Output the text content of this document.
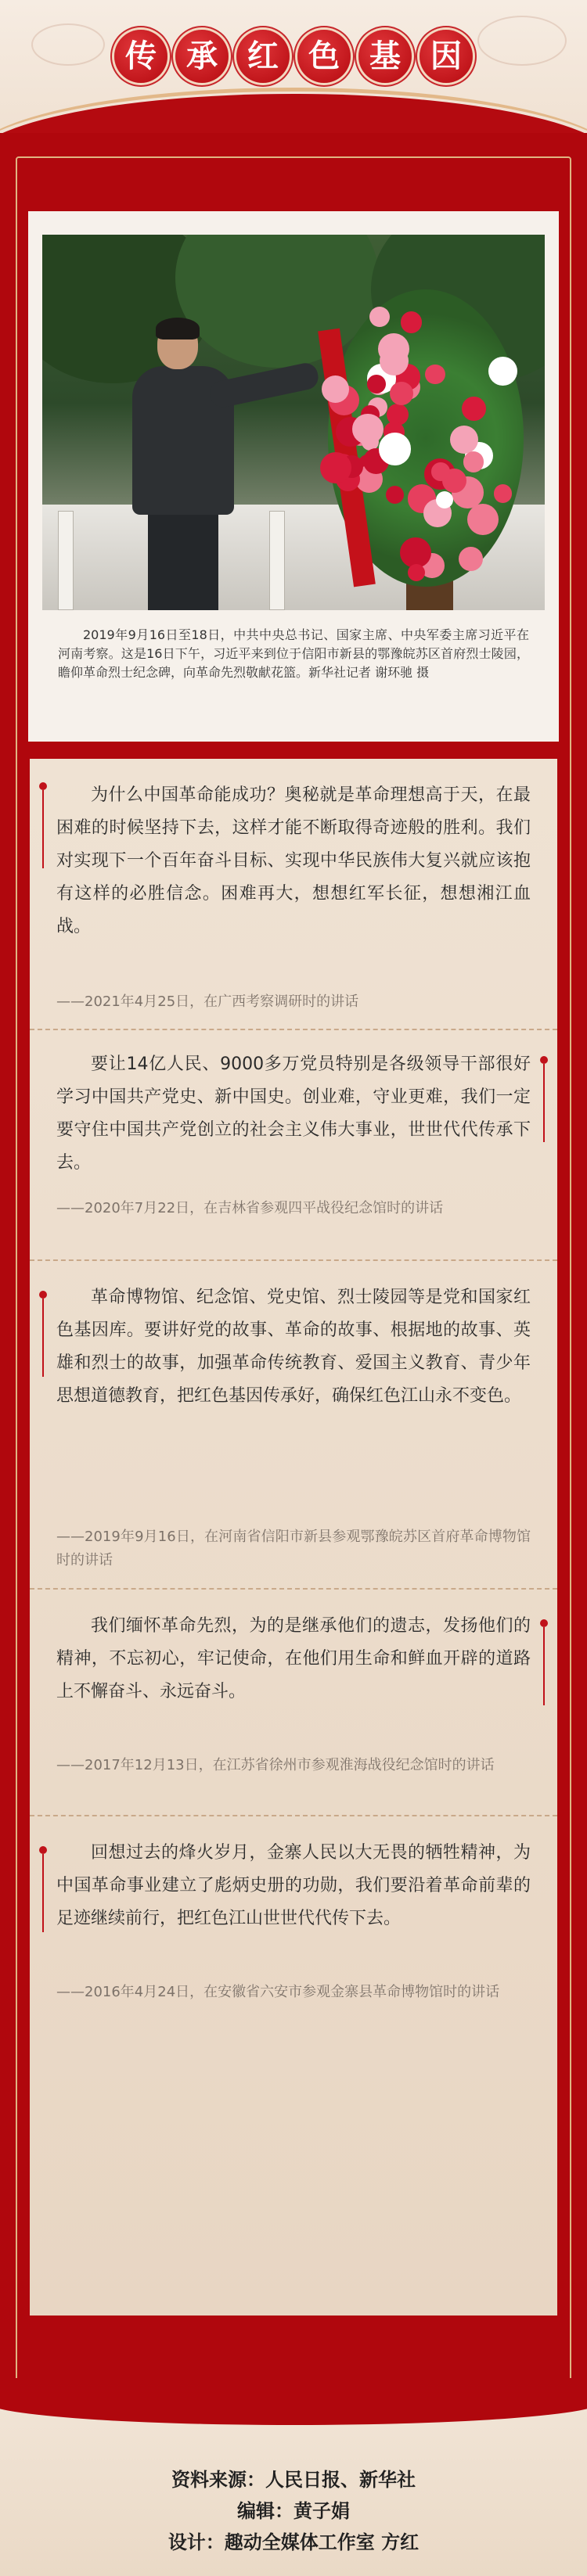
传 承 红 色 基 因
2019年9月16日至18日，中共中央总书记、国家主席、中央军委主席习近平在河南考察。这是16日下午，习近平来到位于信阳市新县的鄂豫皖苏区首府烈士陵园，瞻仰革命烈士纪念碑，向革命先烈敬献花篮。新华社记者 谢环驰 摄
为什么中国革命能成功？奥秘就是革命理想高于天，在最困难的时候坚持下去，这样才能不断取得奇迹般的胜利。我们对实现下一个百年奋斗目标、实现中华民族伟大复兴就应该抱有这样的必胜信念。困难再大，想想红军长征，想想湘江血战。
——2021年4月25日，在广西考察调研时的讲话
要让14亿人民、9000多万党员特别是各级领导干部很好学习中国共产党史、新中国史。创业难，守业更难，我们一定要守住中国共产党创立的社会主义伟大事业，世世代代传承下去。
——2020年7月22日，在吉林省参观四平战役纪念馆时的讲话
革命博物馆、纪念馆、党史馆、烈士陵园等是党和国家红色基因库。要讲好党的故事、革命的故事、根据地的故事、英雄和烈士的故事，加强革命传统教育、爱国主义教育、青少年思想道德教育，把红色基因传承好，确保红色江山永不变色。
——2019年9月16日，在河南省信阳市新县参观鄂豫皖苏区首府革命博物馆时的讲话
我们缅怀革命先烈，为的是继承他们的遗志，发扬他们的精神，不忘初心，牢记使命，在他们用生命和鲜血开辟的道路上不懈奋斗、永远奋斗。
——2017年12月13日，在江苏省徐州市参观淮海战役纪念馆时的讲话
回想过去的烽火岁月，金寨人民以大无畏的牺牲精神，为中国革命事业建立了彪炳史册的功勋，我们要沿着革命前辈的足迹继续前行，把红色江山世世代代传下去。
——2016年4月24日，在安徽省六安市参观金寨县革命博物馆时的讲话
资料来源：人民日报、新华社
编辑：黄子娟
设计：趣动全媒体工作室 方红
